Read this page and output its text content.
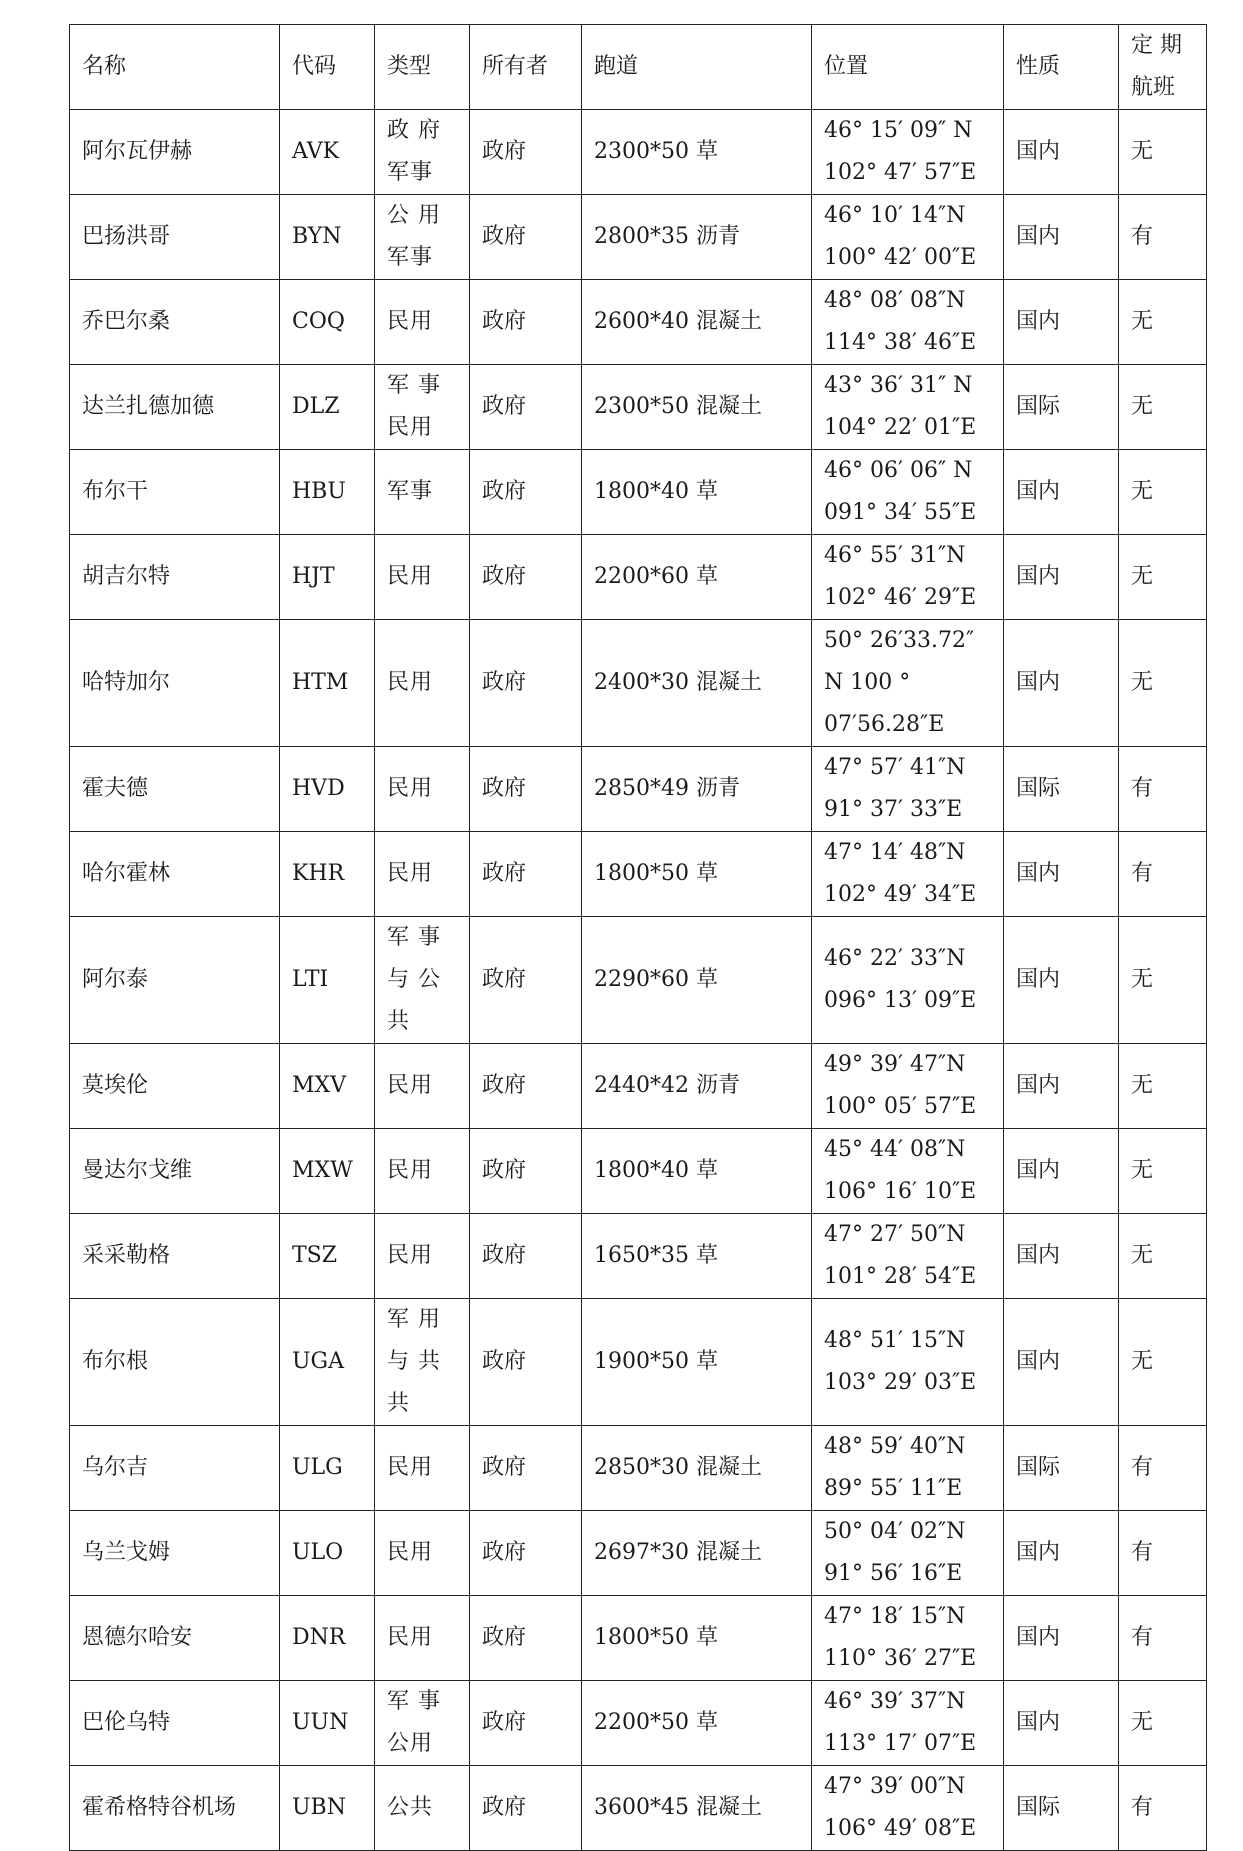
名称	代码	类型	所有者	跑道	位置	性质	定 期 航班
阿尔瓦伊赫	AVK	政 府 军事	政府	2300*50 草	46° 15′ 09″ N
102° 47′ 57″E	国内	无
巴扬洪哥	BYN	公 用 军事	政府	2800*35 沥青	46° 10′ 14″N
100° 42′ 00″E	国内	有
乔巴尔桑	COQ	民用	政府	2600*40 混凝土	48° 08′ 08″N
114° 38′ 46″E	国内	无
达兰扎德加德	DLZ	军 事 民用	政府	2300*50 混凝土	43° 36′ 31″ N
104° 22′ 01″E	国际	无
布尔干	HBU	军事	政府	1800*40 草	46° 06′ 06″ N
091° 34′ 55″E	国内	无
胡吉尔特	HJT	民用	政府	2200*60 草	46° 55′ 31″N
102° 46′ 29″E	国内	无
哈特加尔	HTM	民用	政府	2400*30 混凝土	50° 26′33.72″
N 100 °
07′56.28″E	国内	无
霍夫德	HVD	民用	政府	2850*49 沥青	47° 57′ 41″N
91° 37′ 33″E	国际	有
哈尔霍林	KHR	民用	政府	1800*50 草	47° 14′ 48″N
102° 49′ 34″E	国内	有
阿尔泰	LTI	军 事 与 公 共	政府	2290*60 草	46° 22′ 33″N
096° 13′ 09″E	国内	无
莫埃伦	MXV	民用	政府	2440*42 沥青	49° 39′ 47″N
100° 05′ 57″E	国内	无
曼达尔戈维	MXW	民用	政府	1800*40 草	45° 44′ 08″N
106° 16′ 10″E	国内	无
采采勒格	TSZ	民用	政府	1650*35 草	47° 27′ 50″N
101° 28′ 54″E	国内	无
布尔根	UGA	军 用 与 共 共	政府	1900*50 草	48° 51′ 15″N
103° 29′ 03″E	国内	无
乌尔吉	ULG	民用	政府	2850*30 混凝土	48° 59′ 40″N
89° 55′ 11″E	国际	有
乌兰戈姆	ULO	民用	政府	2697*30 混凝土	50° 04′ 02″N
91° 56′ 16″E	国内	有
恩德尔哈安	DNR	民用	政府	1800*50 草	47° 18′ 15″N
110° 36′ 27″E	国内	有
巴伦乌特	UUN	军 事 公用	政府	2200*50 草	46° 39′ 37″N
113° 17′ 07″E	国内	无
霍希格特谷机场	UBN	公共	政府	3600*45 混凝土	47° 39′ 00″N
106° 49′ 08″E	国际	有
